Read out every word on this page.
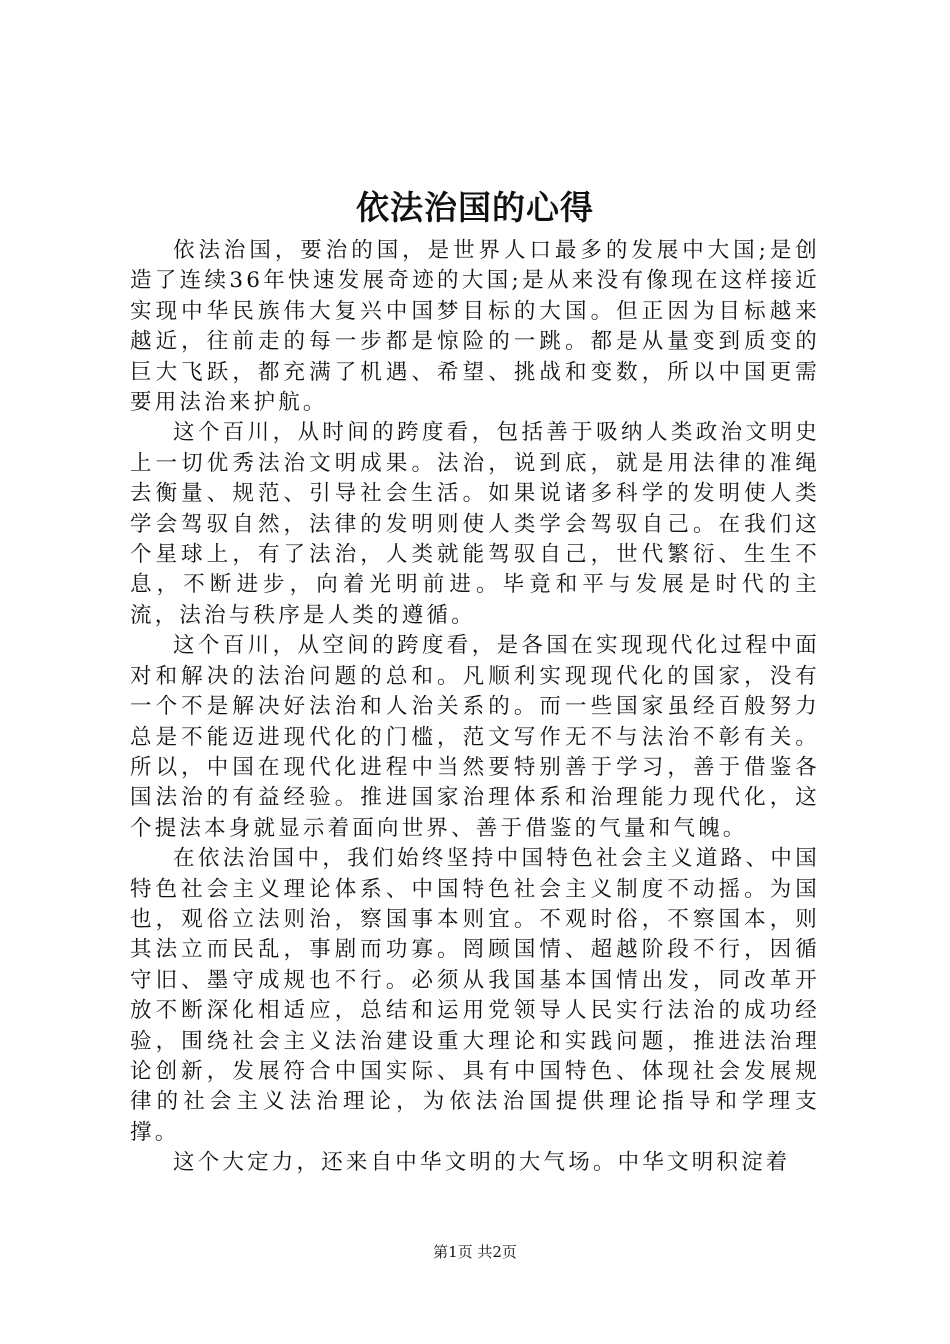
依法治国的心得

依法治国，要治的国，是世界人口最多的发展中大国;是创造了连续36年快速发展奇迹的大国;是从来没有像现在这样接近实现中华民族伟大复兴中国梦目标的大国。但正因为目标越来越近，往前走的每一步都是惊险的一跳。都是从量变到质变的巨大飞跃，都充满了机遇、希望、挑战和变数，所以中国更需要用法治来护航。

这个百川，从时间的跨度看，包括善于吸纳人类政治文明史上一切优秀法治文明成果。法治，说到底，就是用法律的准绳去衡量、规范、引导社会生活。如果说诸多科学的发明使人类学会驾驭自然，法律的发明则使人类学会驾驭自己。在我们这个星球上，有了法治，人类就能驾驭自己，世代繁衍、生生不息，不断进步，向着光明前进。毕竟和平与发展是时代的主流，法治与秩序是人类的遵循。

这个百川，从空间的跨度看，是各国在实现现代化过程中面对和解决的法治问题的总和。凡顺利实现现代化的国家，没有一个不是解决好法治和人治关系的。而一些国家虽经百般努力总是不能迈进现代化的门槛，范文写作无不与法治不彰有关。所以，中国在现代化进程中当然要特别善于学习，善于借鉴各国法治的有益经验。推进国家治理体系和治理能力现代化，这个提法本身就显示着面向世界、善于借鉴的气量和气魄。

在依法治国中，我们始终坚持中国特色社会主义道路、中国特色社会主义理论体系、中国特色社会主义制度不动摇。为国也，观俗立法则治，察国事本则宜。不观时俗，不察国本，则其法立而民乱，事剧而功寡。罔顾国情、超越阶段不行，因循守旧、墨守成规也不行。必须从我国基本国情出发，同改革开放不断深化相适应，总结和运用党领导人民实行法治的成功经验，围绕社会主义法治建设重大理论和实践问题，推进法治理论创新，发展符合中国实际、具有中国特色、体现社会发展规律的社会主义法治理论，为依法治国提供理论指导和学理支撑。

这个大定力，还来自中华文明的大气场。中华文明积淀着

第1页 共2页
